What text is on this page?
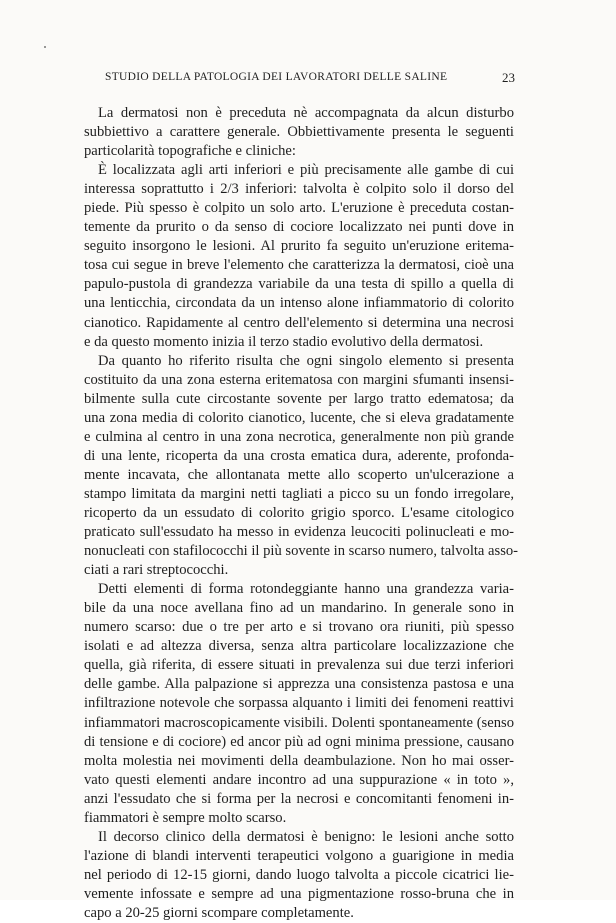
STUDIO DELLA PATOLOGIA DEI LAVORATORI DELLE SALINE	23
La dermatosi non è preceduta nè accompagnata da alcun disturbo
subbiettivo a carattere generale. Obbiettivamente presenta le seguenti
particolarità topografiche e cliniche:
È localizzata agli arti inferiori e più precisamente alle gambe di cui
interessa soprattutto i 2/3 inferiori: talvolta è colpito solo il dorso del
piede. Più spesso è colpito un solo arto. L'eruzione è preceduta costan-
temente da prurito o da senso di cociore localizzato nei punti dove in
seguito insorgono le lesioni. Al prurito fa seguito un'eruzione eritema-
tosa cui segue in breve l'elemento che caratterizza la dermatosi, cioè una
papulo-pustola di grandezza variabile da una testa di spillo a quella di
una lenticchia, circondata da un intenso alone infiammatorio di colorito
cianotico. Rapidamente al centro dell'elemento si determina una necrosi
e da questo momento inizia il terzo stadio evolutivo della dermatosi.
Da quanto ho riferito risulta che ogni singolo elemento si presenta
costituito da una zona esterna eritematosa con margini sfumanti insensi-
bilmente sulla cute circostante sovente per largo tratto edematosa; da
una zona media di colorito cianotico, lucente, che si eleva gradatamente
e culmina al centro in una zona necrotica, generalmente non più grande
di una lente, ricoperta da una crosta ematica dura, aderente, profonda-
mente incavata, che allontanata mette allo scoperto un'ulcerazione a
stampo limitata da margini netti tagliati a picco su un fondo irregolare,
ricoperto da un essudato di colorito grigio sporco. L'esame citologico
praticato sull'essudato ha messo in evidenza leucociti polinucleati e mo-
nonucleati con stafilococchi il più sovente in scarso numero, talvolta asso-
ciati a rari streptococchi.
Detti elementi di forma rotondeggiante hanno una grandezza varia-
bile da una noce avellana fino ad un mandarino. In generale sono in
numero scarso: due o tre per arto e si trovano ora riuniti, più spesso
isolati e ad altezza diversa, senza altra particolare localizzazione che
quella, già riferita, di essere situati in prevalenza sui due terzi inferiori
delle gambe. Alla palpazione si apprezza una consistenza pastosa e una
infiltrazione notevole che sorpassa alquanto i limiti dei fenomeni reattivi
infiammatori macroscopicamente visibili. Dolenti spontaneamente (senso
di tensione e di cociore) ed ancor più ad ogni minima pressione, causano
molta molestia nei movimenti della deambulazione. Non ho mai osser-
vato questi elementi andare incontro ad una suppurazione « in toto »,
anzi l'essudato che si forma per la necrosi e concomitanti fenomeni in-
fiammatori è sempre molto scarso.
Il decorso clinico della dermatosi è benigno: le lesioni anche sotto
l'azione di blandi interventi terapeutici volgono a guarigione in media
nel periodo di 12-15 giorni, dando luogo talvolta a piccole cicatrici lie-
vemente infossate e sempre ad una pigmentazione rosso-bruna che in
capo a 20-25 giorni scompare completamente.
